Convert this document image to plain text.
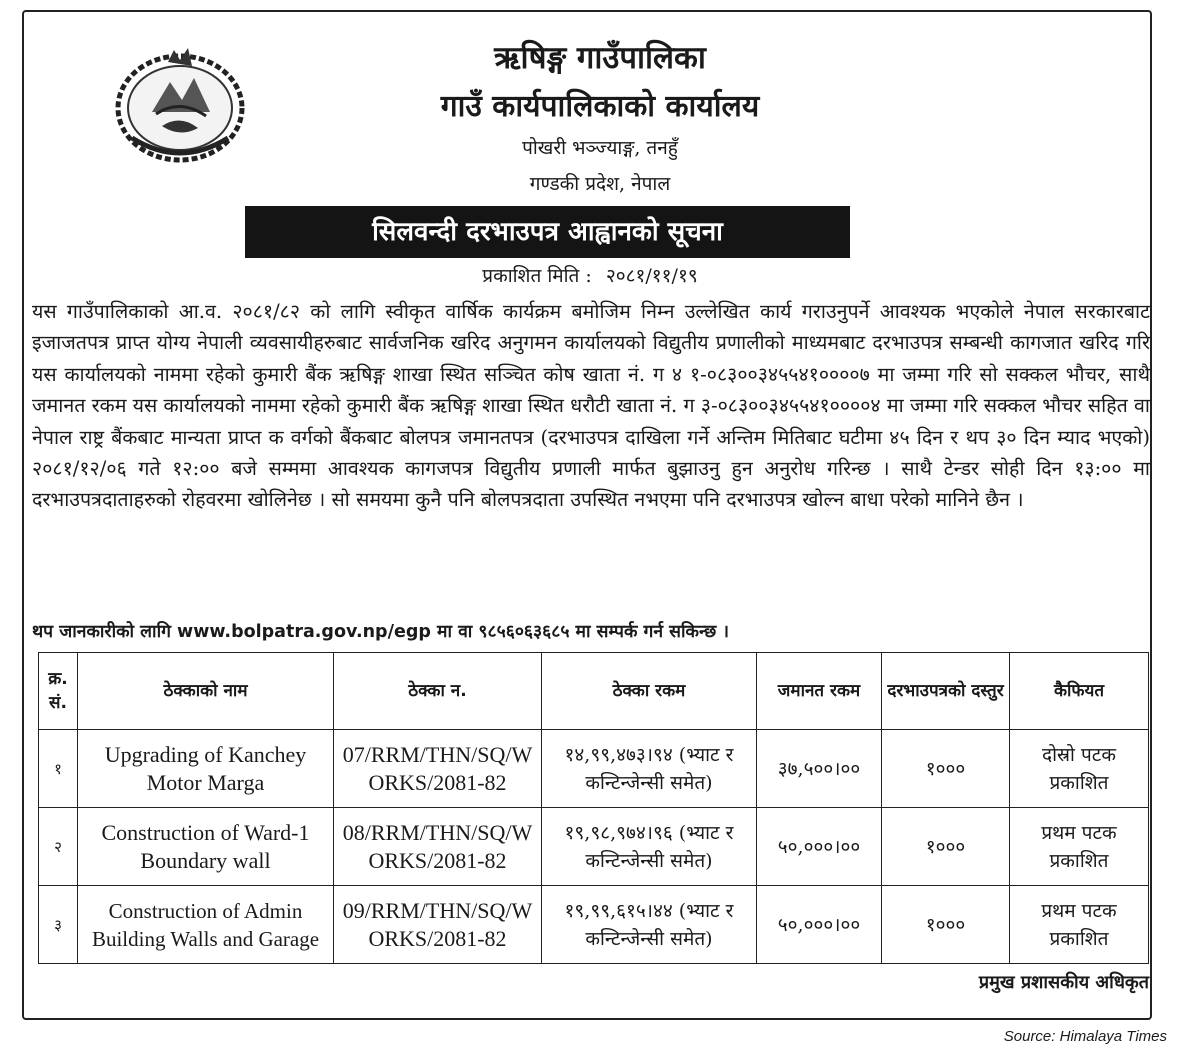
ऋषिङ्ग गाउँपालिका
गाउँ कार्यपालिकाको कार्यालय
पोखरी भञ्ज्याङ्ग, तनहुँ
गण्डकी प्रदेश, नेपाल
सिलवन्दी दरभाउपत्र आह्वानको सूचना
प्रकाशित मिति : २०८१/११/१९
यस गाउँपालिकाको आ.व. २०८१/८२ को लागि स्वीकृत वार्षिक कार्यक्रम बमोजिम निम्न उल्लेखित कार्य गराउनुपर्ने आवश्यक भएकोले नेपाल सरकारबाट इजाजतपत्र प्राप्त योग्य नेपाली व्यवसायीहरुबाट सार्वजनिक खरिद अनुगमन कार्यालयको विद्युतीय प्रणालीको माध्यमबाट दरभाउपत्र सम्बन्धी कागजात खरिद गरि यस कार्यालयको नाममा रहेको कुमारी बैंक ऋषिङ्ग शाखा स्थित सञ्चित कोष खाता नं. ग ४ १-०८३००३४५५४१००००७ मा जम्मा गरि सो सक्कल भौचर, साथै जमानत रकम यस कार्यालयको नाममा रहेको कुमारी बैंक ऋषिङ्ग शाखा स्थित धरौटी खाता नं. ग ३-०८३००३४५५४१००००४ मा जम्मा गरि सक्कल भौचर सहित वा नेपाल राष्ट्र बैंकबाट मान्यता प्राप्त क वर्गको बैंकबाट बोलपत्र जमानतपत्र (दरभाउपत्र दाखिला गर्ने अन्तिम मितिबाट घटीमा ४५ दिन र थप ३० दिन म्याद भएको) २०८१/१२/०६ गते १२:०० बजे सम्ममा आवश्यक कागजपत्र विद्युतीय प्रणाली मार्फत बुझाउनु हुन अनुरोध गरिन्छ । साथै टेन्डर सोही दिन १३:०० मा दरभाउपत्रदाताहरुको रोहवरमा खोलिनेछ । सो समयमा कुनै पनि बोलपत्रदाता उपस्थित नभएमा पनि दरभाउपत्र खोल्न बाधा परेको मानिने छैन ।
थप जानकारीको लागि www.bolpatra.gov.np/egp मा वा ९८५६०६३६८५ मा सम्पर्क गर्न सकिन्छ ।
क्र. सं.	ठेक्काको नाम	ठेक्का न.	ठेक्का रकम	जमानत रकम	दरभाउपत्रको दस्तुर	कैफियत
१	Upgrading of Kanchey Motor Marga	07/RRM/THN/SQ/WORKS/2081-82	१४,९९,४७३।९४ (भ्याट र कन्टिन्जेन्सी समेत)	३७,५००।००	१०००	दोस्रो पटक प्रकाशित
२	Construction of Ward-1 Boundary wall	08/RRM/THN/SQ/WORKS/2081-82	१९,९८,९७४।९६ (भ्याट र कन्टिन्जेन्सी समेत)	५०,०००।००	१०००	प्रथम पटक प्रकाशित
३	Construction of Admin Building Walls and Garage	09/RRM/THN/SQ/WORKS/2081-82	१९,९९,६१५।४४ (भ्याट र कन्टिन्जेन्सी समेत)	५०,०००।००	१०००	प्रथम पटक प्रकाशित
प्रमुख प्रशासकीय अधिकृत
Source: Himalaya Times
